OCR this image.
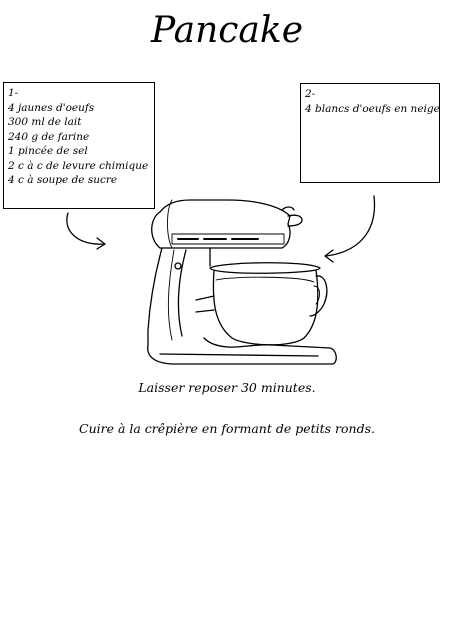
Pancake
1-
4 jaunes d'oeufs
300 ml de lait
240 g de farine
1 pincée de sel
2 c à c de levure chimique
4 c à soupe de sucre
2-
4 blancs d'oeufs en neige
Laisser reposer 30 minutes.
Cuire à la crêpière en formant de petits ronds.
